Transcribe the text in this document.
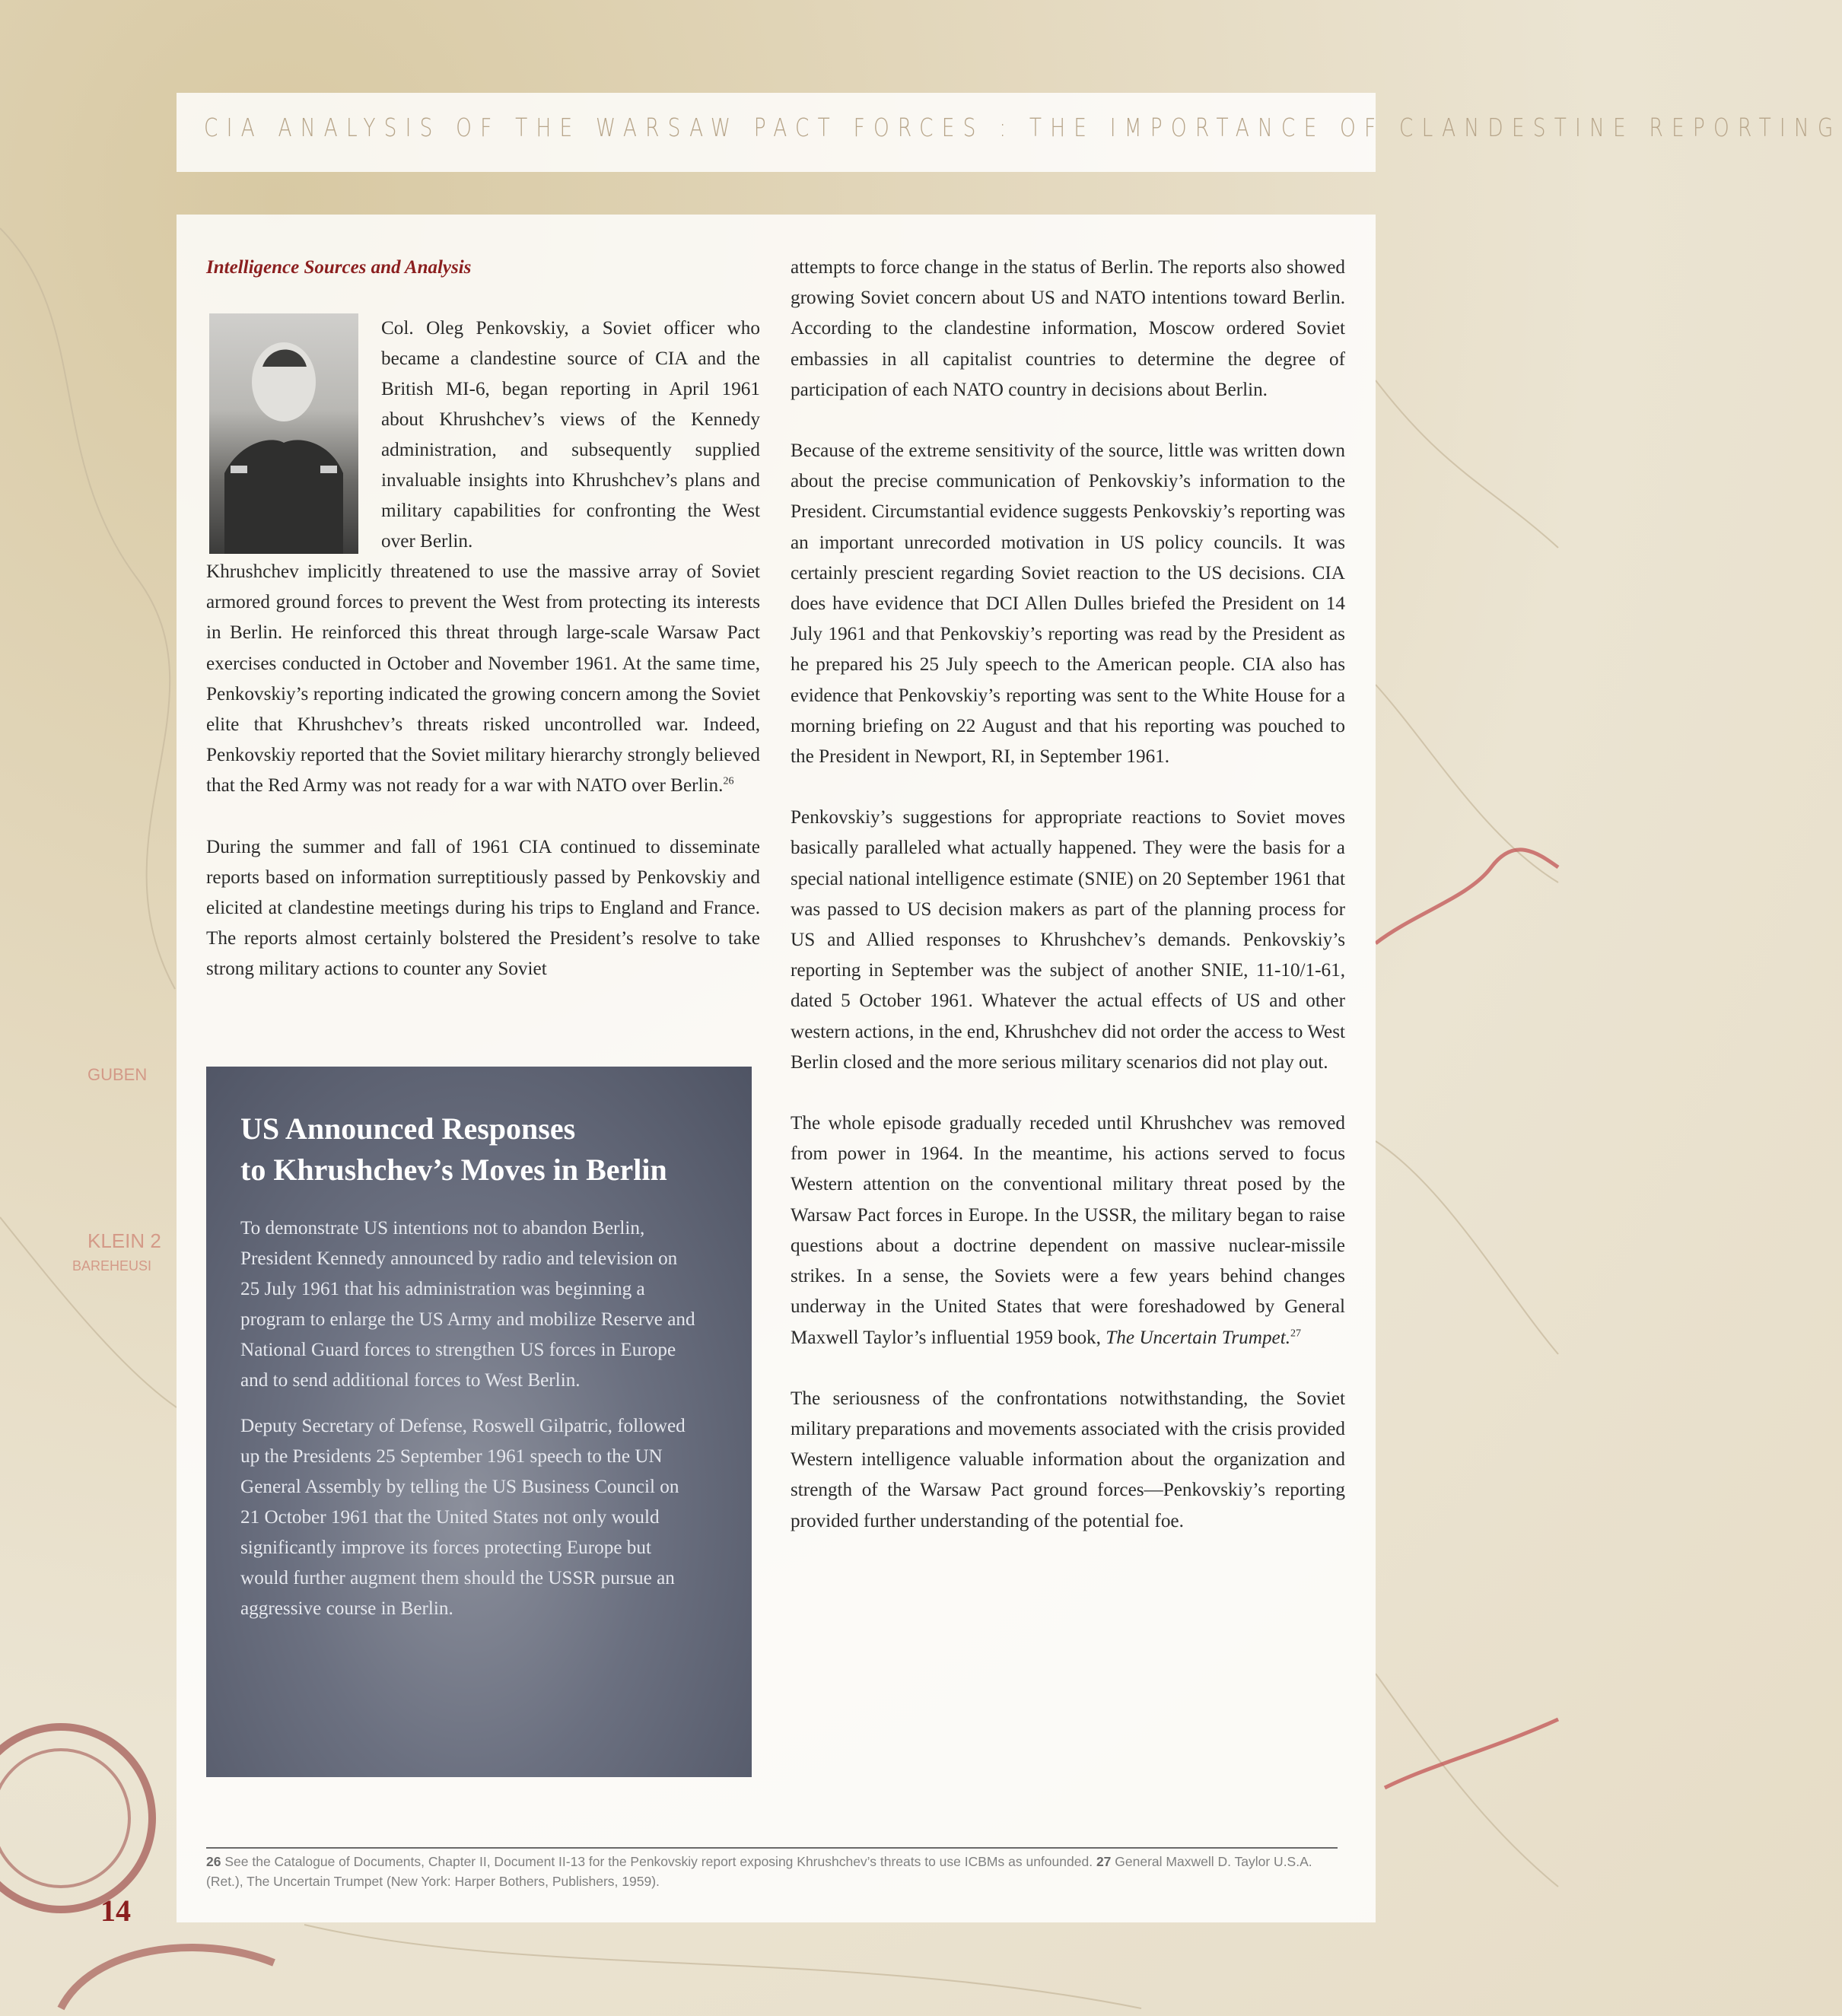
GUBEN
KLEIN 2
BAREHEUSI
CIA ANALYSIS OF THE WARSAW PACT FORCES : THE IMPORTANCE OF CLANDESTINE REPORTING
Intelligence Sources and Analysis

Col. Oleg Penkovskiy, a Soviet officer who became a clandestine source of CIA and the British MI-6, began reporting in April 1961 about Khrushchev’s views of the Kennedy administration, and subsequently supplied invaluable insights into Khrushchev’s plans and military capabilities for confronting the West over Berlin.

Khrushchev implicitly threatened to use the massive array of Soviet armored ground forces to prevent the West from protecting its interests in Berlin. He reinforced this threat through large-scale Warsaw Pact exercises conducted in October and November 1961. At the same time, Penkovskiy’s reporting indicated the growing concern among the Soviet elite that Khrushchev’s threats risked uncontrolled war. Indeed, Penkovskiy reported that the Soviet military hierarchy strongly believed that the Red Army was not ready for a war with NATO over Berlin.$^{26}$

During the summer and fall of 1961 CIA continued to disseminate reports based on information surreptitiously passed by Penkovskiy and elicited at clandestine meetings during his trips to England and France. The reports almost certainly bolstered the President’s resolve to take strong military actions to counter any Soviet

US Announced Responses
to Khrushchev’s Moves in Berlin

To demonstrate US intentions not to abandon Berlin, President Kennedy announced by radio and television on 25 July 1961 that his administration was beginning a program to enlarge the US Army and mobilize Reserve and National Guard forces to strengthen US forces in Europe and to send additional forces to West Berlin.

Deputy Secretary of Defense, Roswell Gilpatric, followed up the Presidents 25 September 1961 speech to the UN General Assembly by telling the US Business Council on 21 October 1961 that the United States not only would significantly improve its forces protecting Europe but would further augment them should the USSR pursue an aggressive course in Berlin.

attempts to force change in the status of Berlin. The reports also showed growing Soviet concern about US and NATO intentions toward Berlin. According to the clandestine information, Moscow ordered Soviet embassies in all capitalist countries to determine the degree of participation of each NATO country in decisions about Berlin.

Because of the extreme sensitivity of the source, little was written down about the precise communication of Penkovskiy’s information to the President. Circumstantial evidence suggests Penkovskiy’s reporting was an important unrecorded motivation in US policy councils. It was certainly prescient regarding Soviet reaction to the US decisions. CIA does have evidence that DCI Allen Dulles briefed the President on 14 July 1961 and that Penkovskiy’s reporting was read by the President as he prepared his 25 July speech to the American people. CIA also has evidence that Penkovskiy’s reporting was sent to the White House for a morning briefing on 22 August and that his reporting was pouched to the President in Newport, RI, in September 1961.

Penkovskiy’s suggestions for appropriate reactions to Soviet moves basically paralleled what actually happened. They were the basis for a special national intelligence estimate (SNIE) on 20 September 1961 that was passed to US decision makers as part of the planning process for US and Allied responses to Khrushchev’s demands. Penkovskiy’s reporting in September was the subject of another SNIE, 11-10/1-61, dated 5 October 1961. Whatever the actual effects of US and other western actions, in the end, Khrushchev did not order the access to West Berlin closed and the more serious military scenarios did not play out.

The whole episode gradually receded until Khrushchev was removed from power in 1964. In the meantime, his actions served to focus Western attention on the conventional military threat posed by the Warsaw Pact forces in Europe. In the USSR, the military began to raise questions about a doctrine dependent on massive nuclear-missile strikes. In a sense, the Soviets were a few years behind changes underway in the United States that were foreshadowed by General Maxwell Taylor’s influential 1959 book, The Uncertain Trumpet.$^{27}$

The seriousness of the confrontations notwithstanding, the Soviet military preparations and movements associated with the crisis provided Western intelligence valuable information about the organization and strength of the Warsaw Pact ground forces—Penkovskiy’s reporting provided further understanding of the potential foe.

26 See the Catalogue of Documents, Chapter II, Document II-13 for the Penkovskiy report exposing Khrushchev’s threats to use ICBMs as unfounded. 27 General Maxwell D. Taylor U.S.A. (Ret.), The Uncertain Trumpet (New York: Harper Bothers, Publishers, 1959).
14
